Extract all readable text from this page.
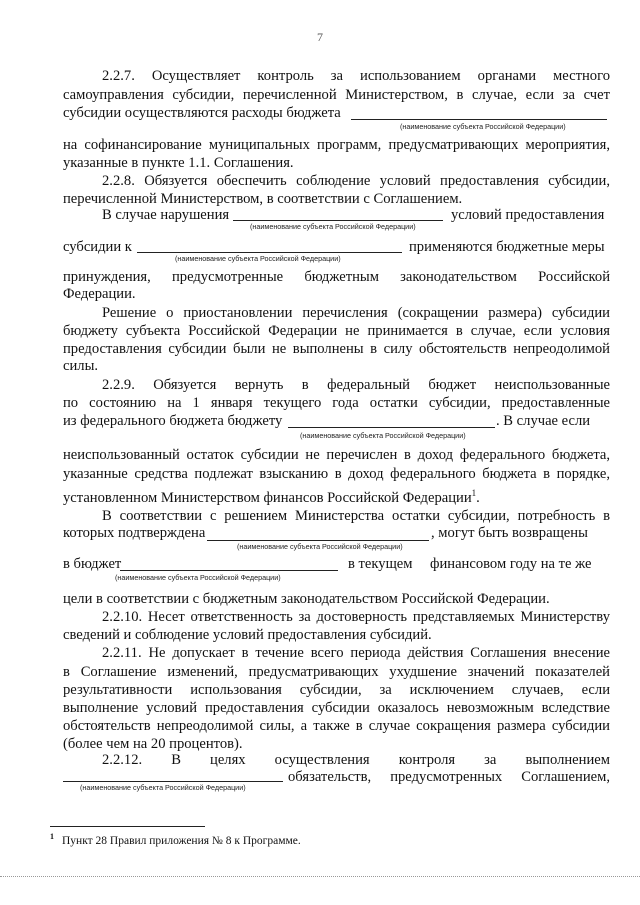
7
2.2.7. Осуществляет контроль за использованием органами местного
самоуправления субсидии, перечисленной Министерством, в случае, если за счет
субсидии осуществляются расходы бюджета
(наименование субъекта Российской Федерации)
на софинансирование муниципальных программ, предусматривающих мероприятия,
указанные в пункте 1.1. Соглашения.
2.2.8. Обязуется обеспечить соблюдение условий предоставления субсидии,
перечисленной Министерством, в соответствии с Соглашением.
В случае нарушения
(наименование субъекта Российской Федерации)
условий предоставления
субсидии к
(наименование субъекта Российской Федерации)
применяются бюджетные меры
принуждения, предусмотренные бюджетным законодательством Российской
Федерации.
Решение о приостановлении перечисления (сокращении размера) субсидии
бюджету субъекта Российской Федерации не принимается в случае, если условия
предоставления субсидии были не выполнены в силу обстоятельств непреодолимой
силы.
2.2.9. Обязуется вернуть в федеральный бюджет неиспользованные
по состоянию на 1 января текущего года остатки субсидии, предоставленные
из федерального бюджета бюджету
(наименование субъекта Российской Федерации)
. В случае если
неиспользованный остаток субсидии не перечислен в доход федерального бюджета,
указанные средства подлежат взысканию в доход федерального бюджета в порядке,
установленном Министерством финансов Российской Федерации$^1$.
В соответствии с решением Министерства остатки субсидии, потребность в
которых подтверждена
(наименование субъекта Российской Федерации)
, могут быть возвращены
в бюджет
(наименование субъекта Российской Федерации)
в текущем финансовом году на те же
цели в соответствии с бюджетным законодательством Российской Федерации.
2.2.10. Несет ответственность за достоверность представляемых Министерству
сведений и соблюдение условий предоставления субсидий.
2.2.11. Не допускает в течение всего периода действия Соглашения внесение
в Соглашение изменений, предусматривающих ухудшение значений показателей
результативности использования субсидии, за исключением случаев, если
выполнение условий предоставления субсидии оказалось невозможным вследствие
обстоятельств непреодолимой силы, а также в случае сокращения размера субсидии
(более чем на 20 процентов).
2.2.12. В целях осуществления контроля за выполнением
(наименование субъекта Российской Федерации)
обязательств, предусмотренных Соглашением,
$^1$ Пункт 28 Правил приложения № 8 к Программе.
